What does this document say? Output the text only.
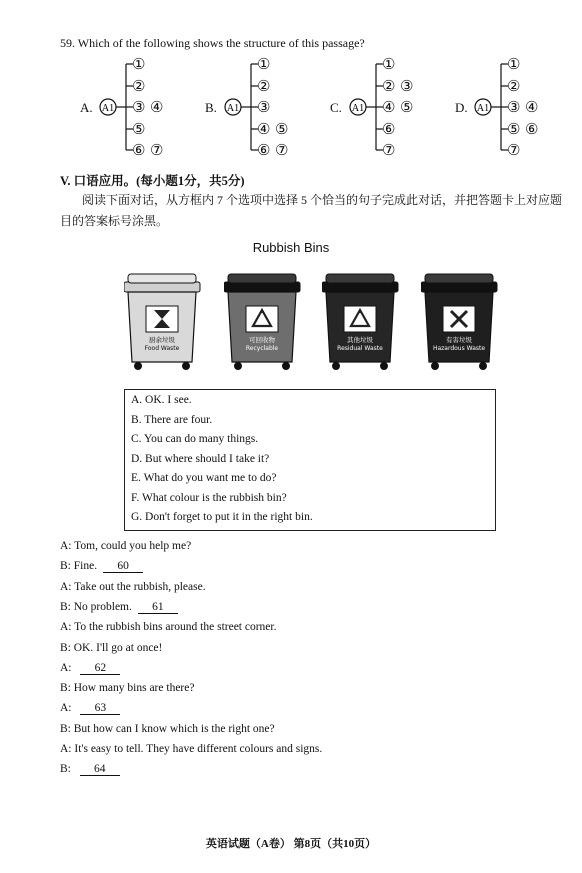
59. Which of the following shows the structure of this passage?
A. A1
①
②
③ ④
⑤
⑥ ⑦
B. A1
①
②
③
④ ⑤
⑥ ⑦
C. A1
①
② ③
④ ⑤
⑥
⑦
D. A1
①
②
③ ④
⑤ ⑥
⑦
V. 口语应用。(每小题1分，共5分)
阅读下面对话，从方框内 7 个选项中选择 5 个恰当的句子完成此对话，并把答题卡上对应题目的答案标号涂黑。
Rubbish Bins
厨余垃圾
Food Waste
可回收物
Recyclable
其他垃圾
Residual Waste
有害垃圾
Hazardous Waste
A. OK. I see.
B. There are four.
C. You can do many things.
D. But where should I take it?
E. What do you want me to do?
F. What colour is the rubbish bin?
G. Don't forget to put it in the right bin.
A: Tom, could you help me?
B: Fine. 60
A: Take out the rubbish, please.
B: No problem. 61
A: To the rubbish bins around the street corner.
B: OK. I'll go at once!
A: 62
B: How many bins are there?
A: 63
B: But how can I know which is the right one?
A: It's easy to tell. They have different colours and signs.
B: 64
英语试题（A卷） 第8页（共10页）
